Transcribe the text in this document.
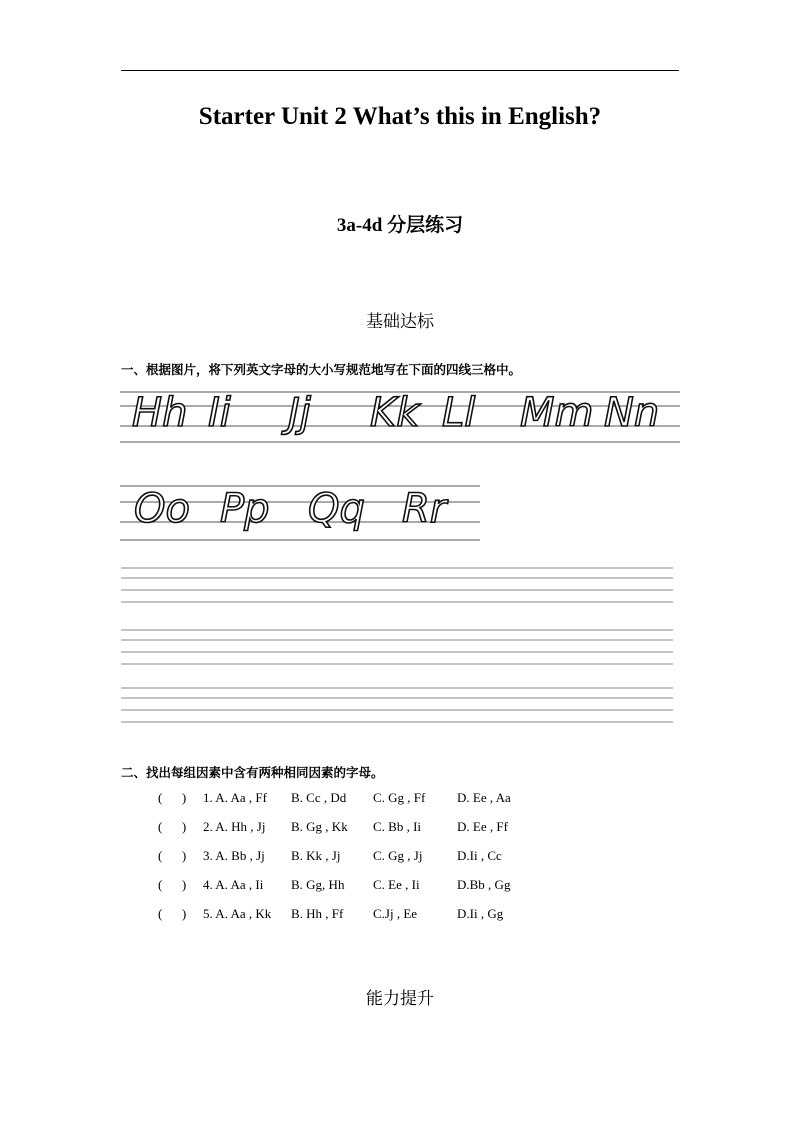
Starter Unit 2 What’s this in English?
3a-4d 分层练习
基础达标
一、根据图片，将下列英文字母的大小写规范地写在下面的四线三格中。
Hh Ii Jj Kk Ll Mm Nn
Oo Pp Qq Rr
二、找出每组因素中含有两种相同因素的字母。
(      )	1. A. Aa , Ff	B. Cc , Dd	C. Gg , Ff	D. Ee , Aa
(      )	2. A. Hh , Jj	B. Gg , Kk	C. Bb , Ii	D. Ee , Ff
(      )	3. A. Bb , Jj	B. Kk , Jj	C. Gg , Jj	D.Ii , Cc
(      )	4. A. Aa , Ii	B. Gg, Hh	C. Ee , Ii	D.Bb , Gg
(      )	5. A. Aa , Kk	B. Hh , Ff	C.Jj , Ee	D.Ii , Gg
能力提升
